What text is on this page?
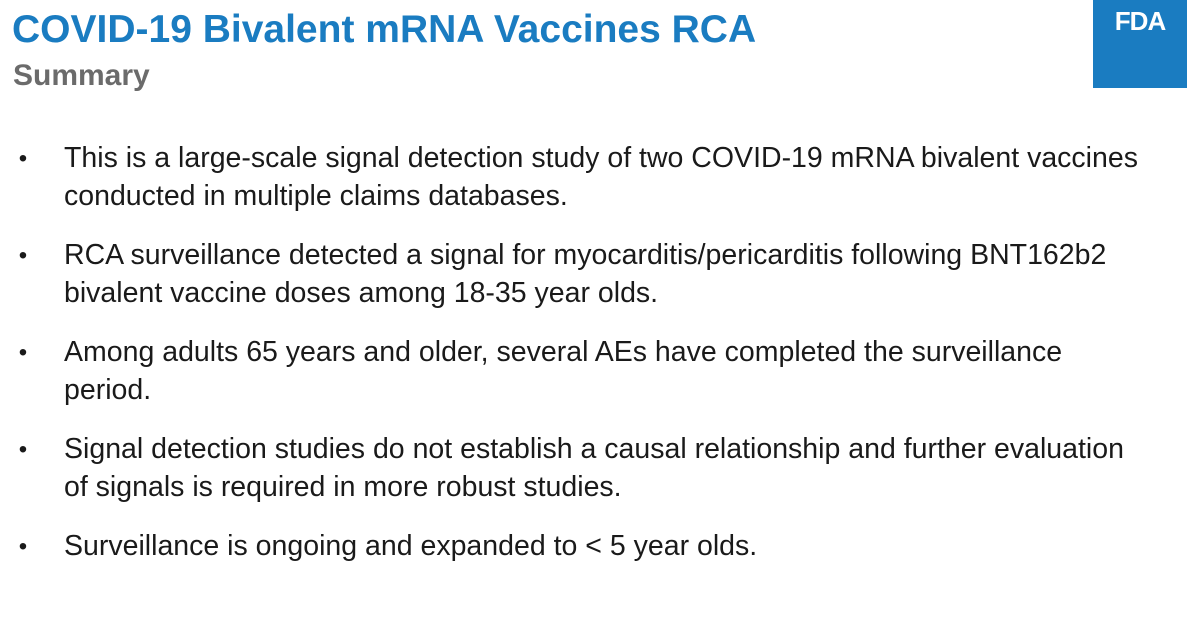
COVID-19 Bivalent mRNA Vaccines RCA
Summary
FDA
• This is a large-scale signal detection study of two COVID-19 mRNA bivalent vaccines conducted in multiple claims databases.
• RCA surveillance detected a signal for myocarditis/pericarditis following BNT162b2 bivalent vaccine doses among 18-35 year olds.
• Among adults 65 years and older, several AEs have completed the surveillance period.
• Signal detection studies do not establish a causal relationship and further evaluation of signals is required in more robust studies.
• Surveillance is ongoing and expanded to < 5 year olds.
